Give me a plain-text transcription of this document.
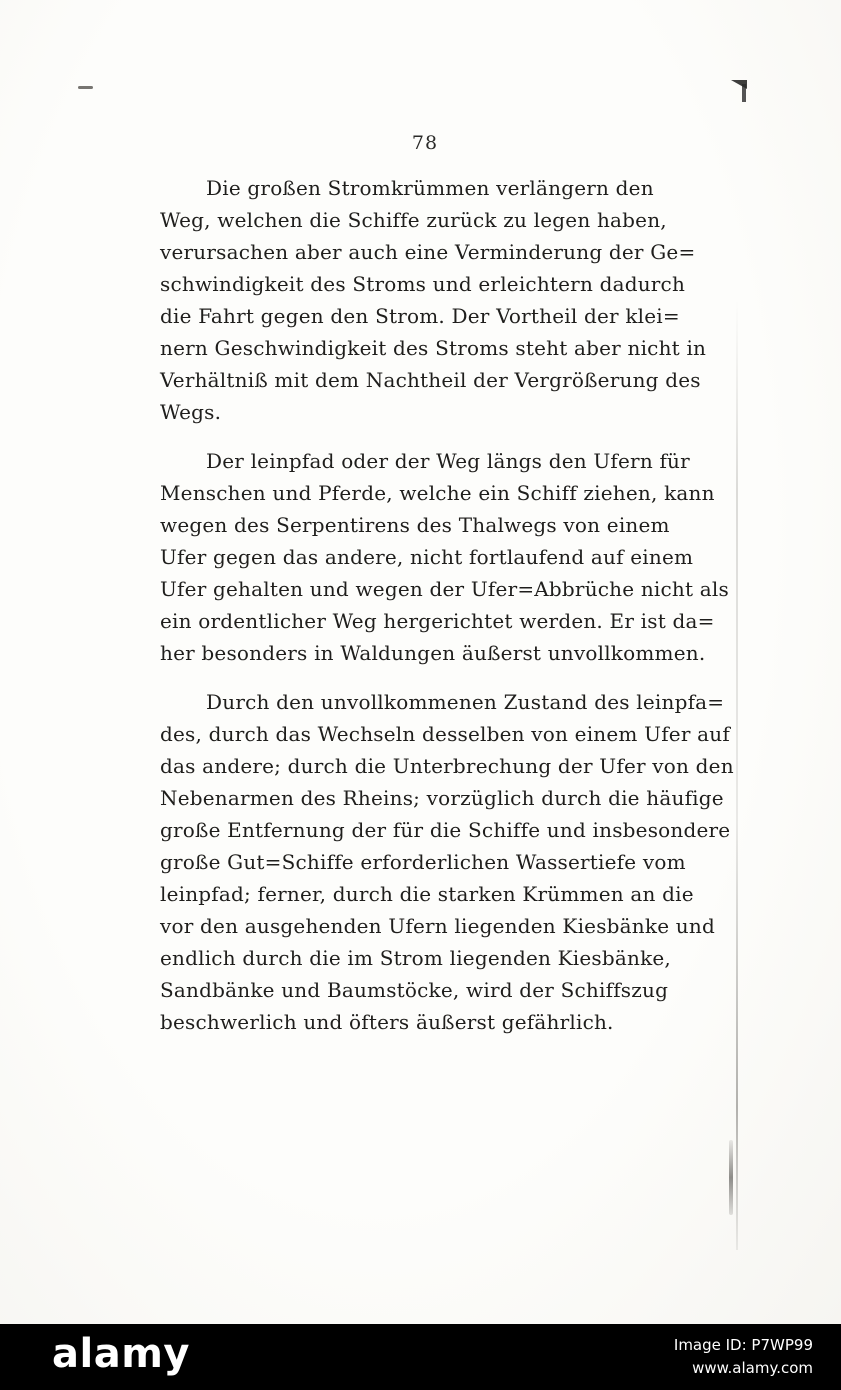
78

Die großen Stromkrümmen verlängern den
Weg, welchen die Schiffe zurück zu legen haben,
verursachen aber auch eine Verminderung der Ge=
schwindigkeit des Stroms und erleichtern dadurch
die Fahrt gegen den Strom. Der Vortheil der klei=
nern Geschwindigkeit des Stroms steht aber nicht in
Verhältniß mit dem Nachtheil der Vergrößerung des
Wegs.

Der leinpfad oder der Weg längs den Ufern für
Menschen und Pferde, welche ein Schiff ziehen, kann
wegen des Serpentirens des Thalwegs von einem
Ufer gegen das andere, nicht fortlaufend auf einem
Ufer gehalten und wegen der Ufer=Abbrüche nicht als
ein ordentlicher Weg hergerichtet werden. Er ist da=
her besonders in Waldungen äußerst unvollkommen.

Durch den unvollkommenen Zustand des leinpfa=
des, durch das Wechseln desselben von einem Ufer auf
das andere; durch die Unterbrechung der Ufer von den
Nebenarmen des Rheins; vorzüglich durch die häufige
große Entfernung der für die Schiffe und insbesondere
große Gut=Schiffe erforderlichen Wassertiefe vom
leinpfad; ferner, durch die starken Krümmen an die
vor den ausgehenden Ufern liegenden Kiesbänke und
endlich durch die im Strom liegenden Kiesbänke,
Sandbänke und Baumstöcke, wird der Schiffszug
beschwerlich und öfters äußerst gefährlich.

alamy	Image ID: P7WP99
www.alamy.com
